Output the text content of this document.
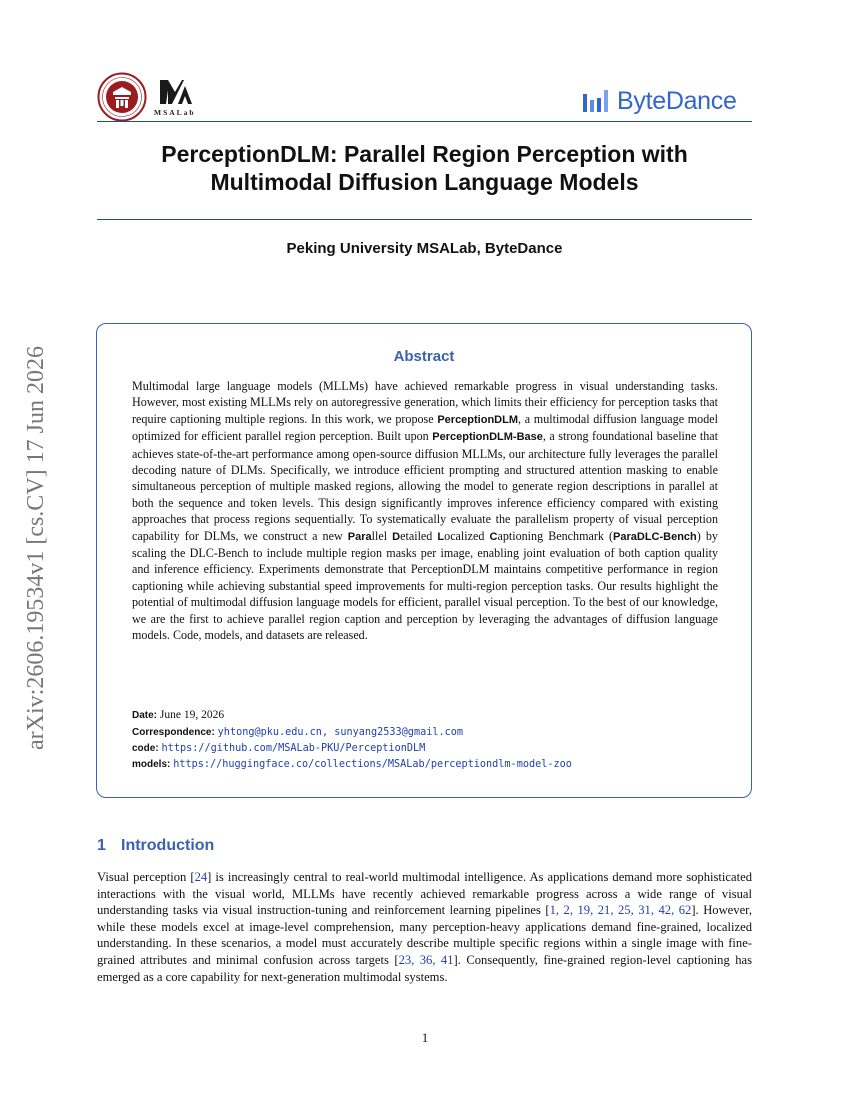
MSALab	ByteDance
PerceptionDLM: Parallel Region Perception with
Multimodal Diffusion Language Models
Peking University MSALab, ByteDance
arXiv:2606.19534v1 [cs.CV] 17 Jun 2026	Abstract
Multimodal large language models (MLLMs) have achieved remarkable progress in visual understanding tasks. However, most existing MLLMs rely on autoregressive generation, which limits their efficiency for perception tasks that require captioning multiple regions. In this work, we propose PerceptionDLM, a multimodal diffusion language model optimized for efficient parallel region perception. Built upon PerceptionDLM-Base, a strong foundational baseline that achieves state-of-the-art performance among open-source diffusion MLLMs, our architecture fully leverages the parallel decoding nature of DLMs. Specifically, we introduce efficient prompting and structured attention masking to enable simultaneous perception of multiple masked regions, allowing the model to generate region descriptions in parallel at both the sequence and token levels. This design significantly improves inference efficiency compared with existing approaches that process regions sequentially. To systematically evaluate the parallelism property of visual perception capability for DLMs, we construct a new Parallel Detailed Localized Captioning Benchmark (ParaDLC-Bench) by scaling the DLC-Bench to include multiple region masks per image, enabling joint evaluation of both caption quality and inference efficiency. Experiments demonstrate that PerceptionDLM maintains competitive performance in region captioning while achieving substantial speed improvements for multi-region perception tasks. Our results highlight the potential of multimodal diffusion language models for efficient, parallel visual perception. To the best of our knowledge, we are the first to achieve parallel region caption and perception by leveraging the advantages of diffusion language models. Code, models, and datasets are released.
Date: June 19, 2026
Correspondence: yhtong@pku.edu.cn, sunyang2533@gmail.com
code: https://github.com/MSALab-PKU/PerceptionDLM
models: https://huggingface.co/collections/MSALab/perceptiondlm-model-zoo
1 Introduction
Visual perception [24] is increasingly central to real-world multimodal intelligence. As applications demand more sophisticated interactions with the visual world, MLLMs have recently achieved remarkable progress across a wide range of visual understanding tasks via visual instruction-tuning and reinforcement learning pipelines [1, 2, 19, 21, 25, 31, 42, 62]. However, while these models excel at image-level comprehension, many perception-heavy applications demand fine-grained, localized understanding. In these scenarios, a model must accurately describe multiple specific regions within a single image with fine-grained attributes and minimal confusion across targets [23, 36, 41]. Consequently, fine-grained region-level captioning has emerged as a core capability for next-generation multimodal systems.
1
